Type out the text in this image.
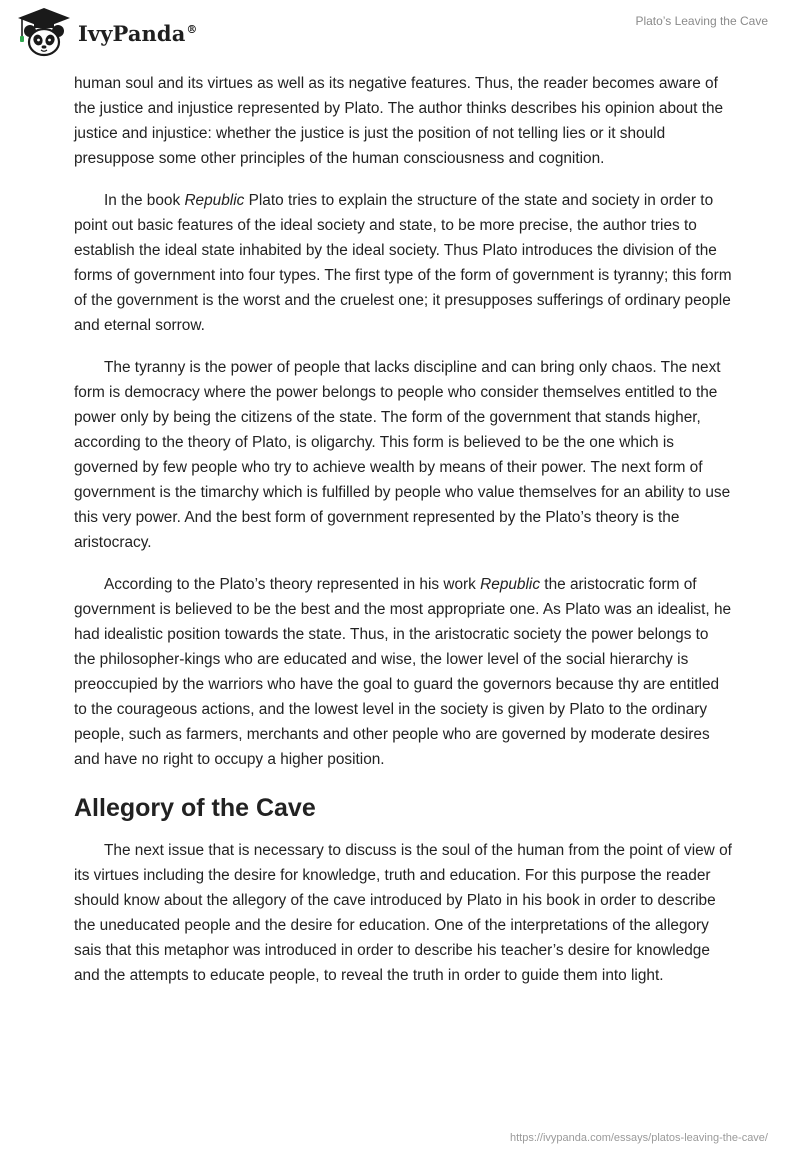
IvyPanda®
Plato’s Leaving the Cave

human soul and its virtues as well as its negative features. Thus, the reader becomes aware of the justice and injustice represented by Plato. The author thinks describes his opinion about the justice and injustice: whether the justice is just the position of not telling lies or it should presuppose some other principles of the human consciousness and cognition.

In the book Republic Plato tries to explain the structure of the state and society in order to point out basic features of the ideal society and state, to be more precise, the author tries to establish the ideal state inhabited by the ideal society. Thus Plato introduces the division of the forms of government into four types. The first type of the form of government is tyranny; this form of the government is the worst and the cruelest one; it presupposes sufferings of ordinary people and eternal sorrow.

The tyranny is the power of people that lacks discipline and can bring only chaos. The next form is democracy where the power belongs to people who consider themselves entitled to the power only by being the citizens of the state. The form of the government that stands higher, according to the theory of Plato, is oligarchy. This form is believed to be the one which is governed by few people who try to achieve wealth by means of their power. The next form of government is the timarchy which is fulfilled by people who value themselves for an ability to use this very power. And the best form of government represented by the Plato’s theory is the aristocracy.

According to the Plato’s theory represented in his work Republic the aristocratic form of government is believed to be the best and the most appropriate one. As Plato was an idealist, he had idealistic position towards the state. Thus, in the aristocratic society the power belongs to the philosopher-kings who are educated and wise, the lower level of the social hierarchy is preoccupied by the warriors who have the goal to guard the governors because thy are entitled to the courageous actions, and the lowest level in the society is given by Plato to the ordinary people, such as farmers, merchants and other people who are governed by moderate desires and have no right to occupy a higher position.

Allegory of the Cave

The next issue that is necessary to discuss is the soul of the human from the point of view of its virtues including the desire for knowledge, truth and education. For this purpose the reader should know about the allegory of the cave introduced by Plato in his book in order to describe the uneducated people and the desire for education. One of the interpretations of the allegory sais that this metaphor was introduced in order to describe his teacher’s desire for knowledge and the attempts to educate people, to reveal the truth in order to guide them into light.

https://ivypanda.com/essays/platos-leaving-the-cave/
